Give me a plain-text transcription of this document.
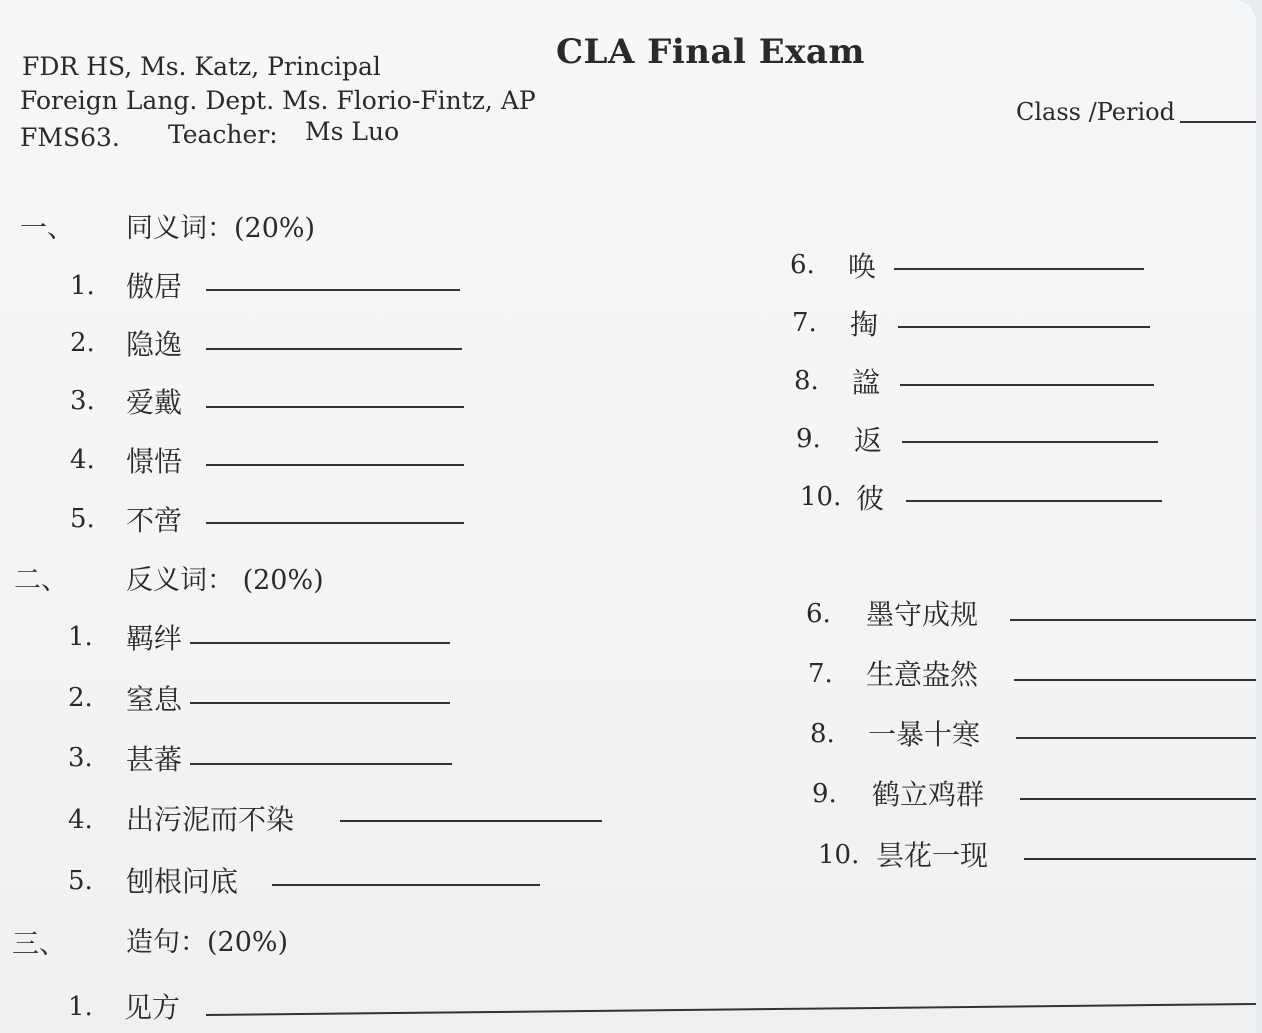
CLA Final Exam
FDR HS, Ms. Katz, Principal
Foreign Lang. Dept. Ms. Florio-Fintz, AP
FMS63. Teacher: Ms Luo
Class /Period
一、 同义词：(20%)
1. 傲居
2. 隐逸
3. 爱戴
4. 憬悟
5. 不啻
6. 唤
7. 掏
8. 諡
9. 返
10. 彼
二、 反义词： (20%)
1. 羁绊
2. 窒息
3. 甚蕃
4. 出污泥而不染
5. 刨根问底
6. 墨守成规
7. 生意盎然
8. 一暴十寒
9. 鹤立鸡群
10. 昙花一现
三、 造句：(20%)
1. 见方
